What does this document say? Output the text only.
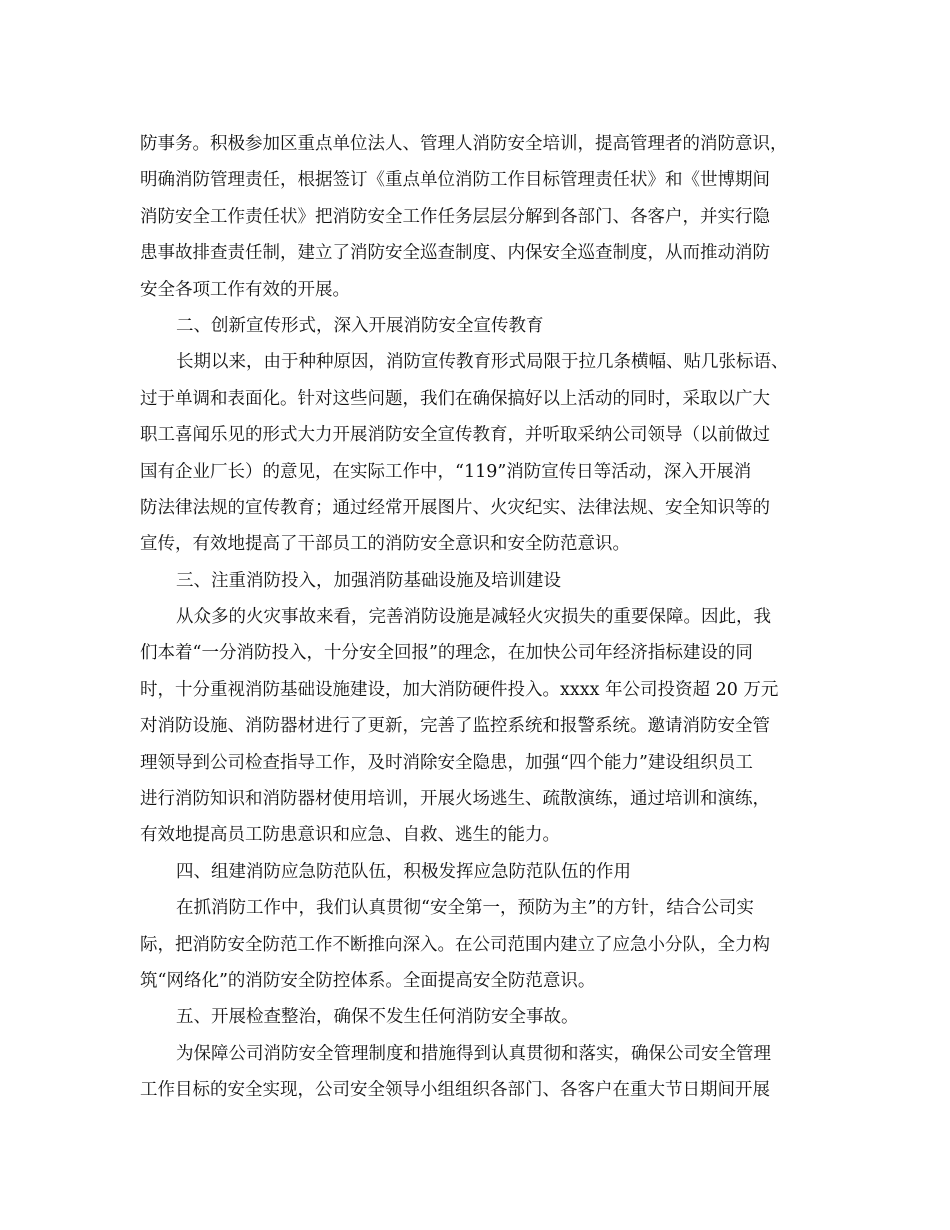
防事务。积极参加区重点单位法人、管理人消防安全培训，提高管理者的消防意识，

明确消防管理责任，根据签订《重点单位消防工作目标管理责任状》和《世博期间

消防安全工作责任状》把消防安全工作任务层层分解到各部门、各客户，并实行隐

患事故排查责任制，建立了消防安全巡查制度、内保安全巡查制度，从而推动消防

安全各项工作有效的开展。

二、创新宣传形式，深入开展消防安全宣传教育

长期以来，由于种种原因，消防宣传教育形式局限于拉几条横幅、贴几张标语、

过于单调和表面化。针对这些问题，我们在确保搞好以上活动的同时，采取以广大

职工喜闻乐见的形式大力开展消防安全宣传教育，并听取采纳公司领导（以前做过

国有企业厂长）的意见，在实际工作中，“119”消防宣传日等活动，深入开展消

防法律法规的宣传教育；通过经常开展图片、火灾纪实、法律法规、安全知识等的

宣传，有效地提高了干部员工的消防安全意识和安全防范意识。

三、注重消防投入，加强消防基础设施及培训建设

从众多的火灾事故来看，完善消防设施是减轻火灾损失的重要保障。因此，我

们本着“一分消防投入，十分安全回报”的理念，在加快公司年经济指标建设的同

时，十分重视消防基础设施建设，加大消防硬件投入。xxxx 年公司投资超 20 万元

对消防设施、消防器材进行了更新，完善了监控系统和报警系统。邀请消防安全管

理领导到公司检查指导工作，及时消除安全隐患，加强“四个能力”建设组织员工

进行消防知识和消防器材使用培训，开展火场逃生、疏散演练，通过培训和演练，

有效地提高员工防患意识和应急、自救、逃生的能力。

四、组建消防应急防范队伍，积极发挥应急防范队伍的作用

在抓消防工作中，我们认真贯彻“安全第一，预防为主”的方针，结合公司实

际，把消防安全防范工作不断推向深入。在公司范围内建立了应急小分队，全力构

筑“网络化”的消防安全防控体系。全面提高安全防范意识。

五、开展检查整治，确保不发生任何消防安全事故。

为保障公司消防安全管理制度和措施得到认真贯彻和落实，确保公司安全管理

工作目标的安全实现，公司安全领导小组组织各部门、各客户在重大节日期间开展
